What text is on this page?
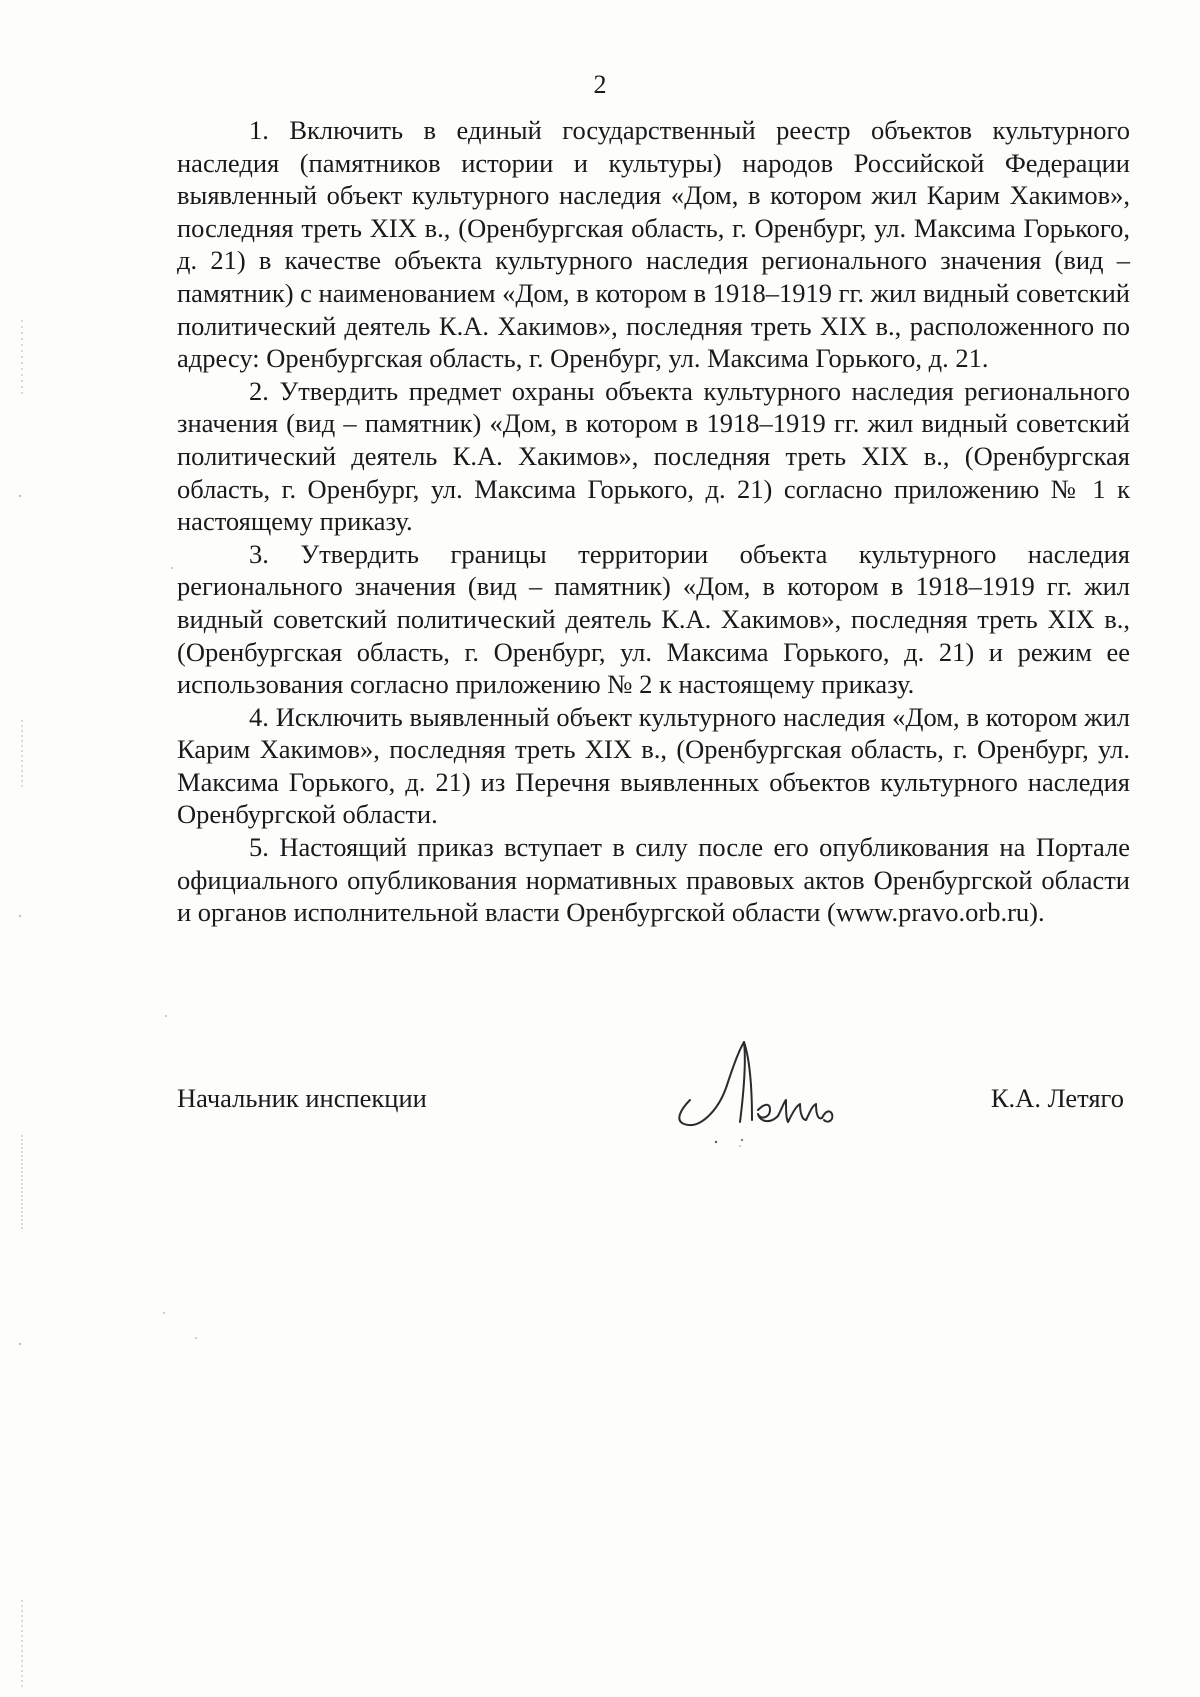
2

1. Включить в единый государственный реестр объектов культурного наследия (памятников истории и культуры) народов Российской Федерации выявленный объект культурного наследия «Дом, в котором жил Карим Хакимов», последняя треть XIX в., (Оренбургская область, г. Оренбург, ул. Максима Горького, д. 21) в качестве объекта культурного наследия регионального значения (вид – памятник) с наименованием «Дом, в котором в 1918–1919 гг. жил видный советский политический деятель К.А. Хакимов», последняя треть XIX в., расположенного по адресу: Оренбургская область, г. Оренбург, ул. Максима Горького, д. 21.

2. Утвердить предмет охраны объекта культурного наследия регионального значения (вид – памятник) «Дом, в котором в 1918–1919 гг. жил видный советский политический деятель К.А. Хакимов», последняя треть XIX в., (Оренбургская область, г. Оренбург, ул. Максима Горького, д. 21) согласно приложению № 1 к настоящему приказу.

3. Утвердить границы территории объекта культурного наследия регионального значения (вид – памятник) «Дом, в котором в 1918–1919 гг. жил видный советский политический деятель К.А. Хакимов», последняя треть XIX в., (Оренбургская область, г. Оренбург, ул. Максима Горького, д. 21) и режим ее использования согласно приложению № 2 к настоящему приказу.

4. Исключить выявленный объект культурного наследия «Дом, в котором жил Карим Хакимов», последняя треть XIX в., (Оренбургская область, г. Оренбург, ул. Максима Горького, д. 21) из Перечня выявленных объектов культурного наследия Оренбургской области.

5. Настоящий приказ вступает в силу после его опубликования на Портале официального опубликования нормативных правовых актов Оренбургской области и органов исполнительной власти Оренбургской области (www.pravo.orb.ru).

Начальник инспекции	К.А. Летяго
